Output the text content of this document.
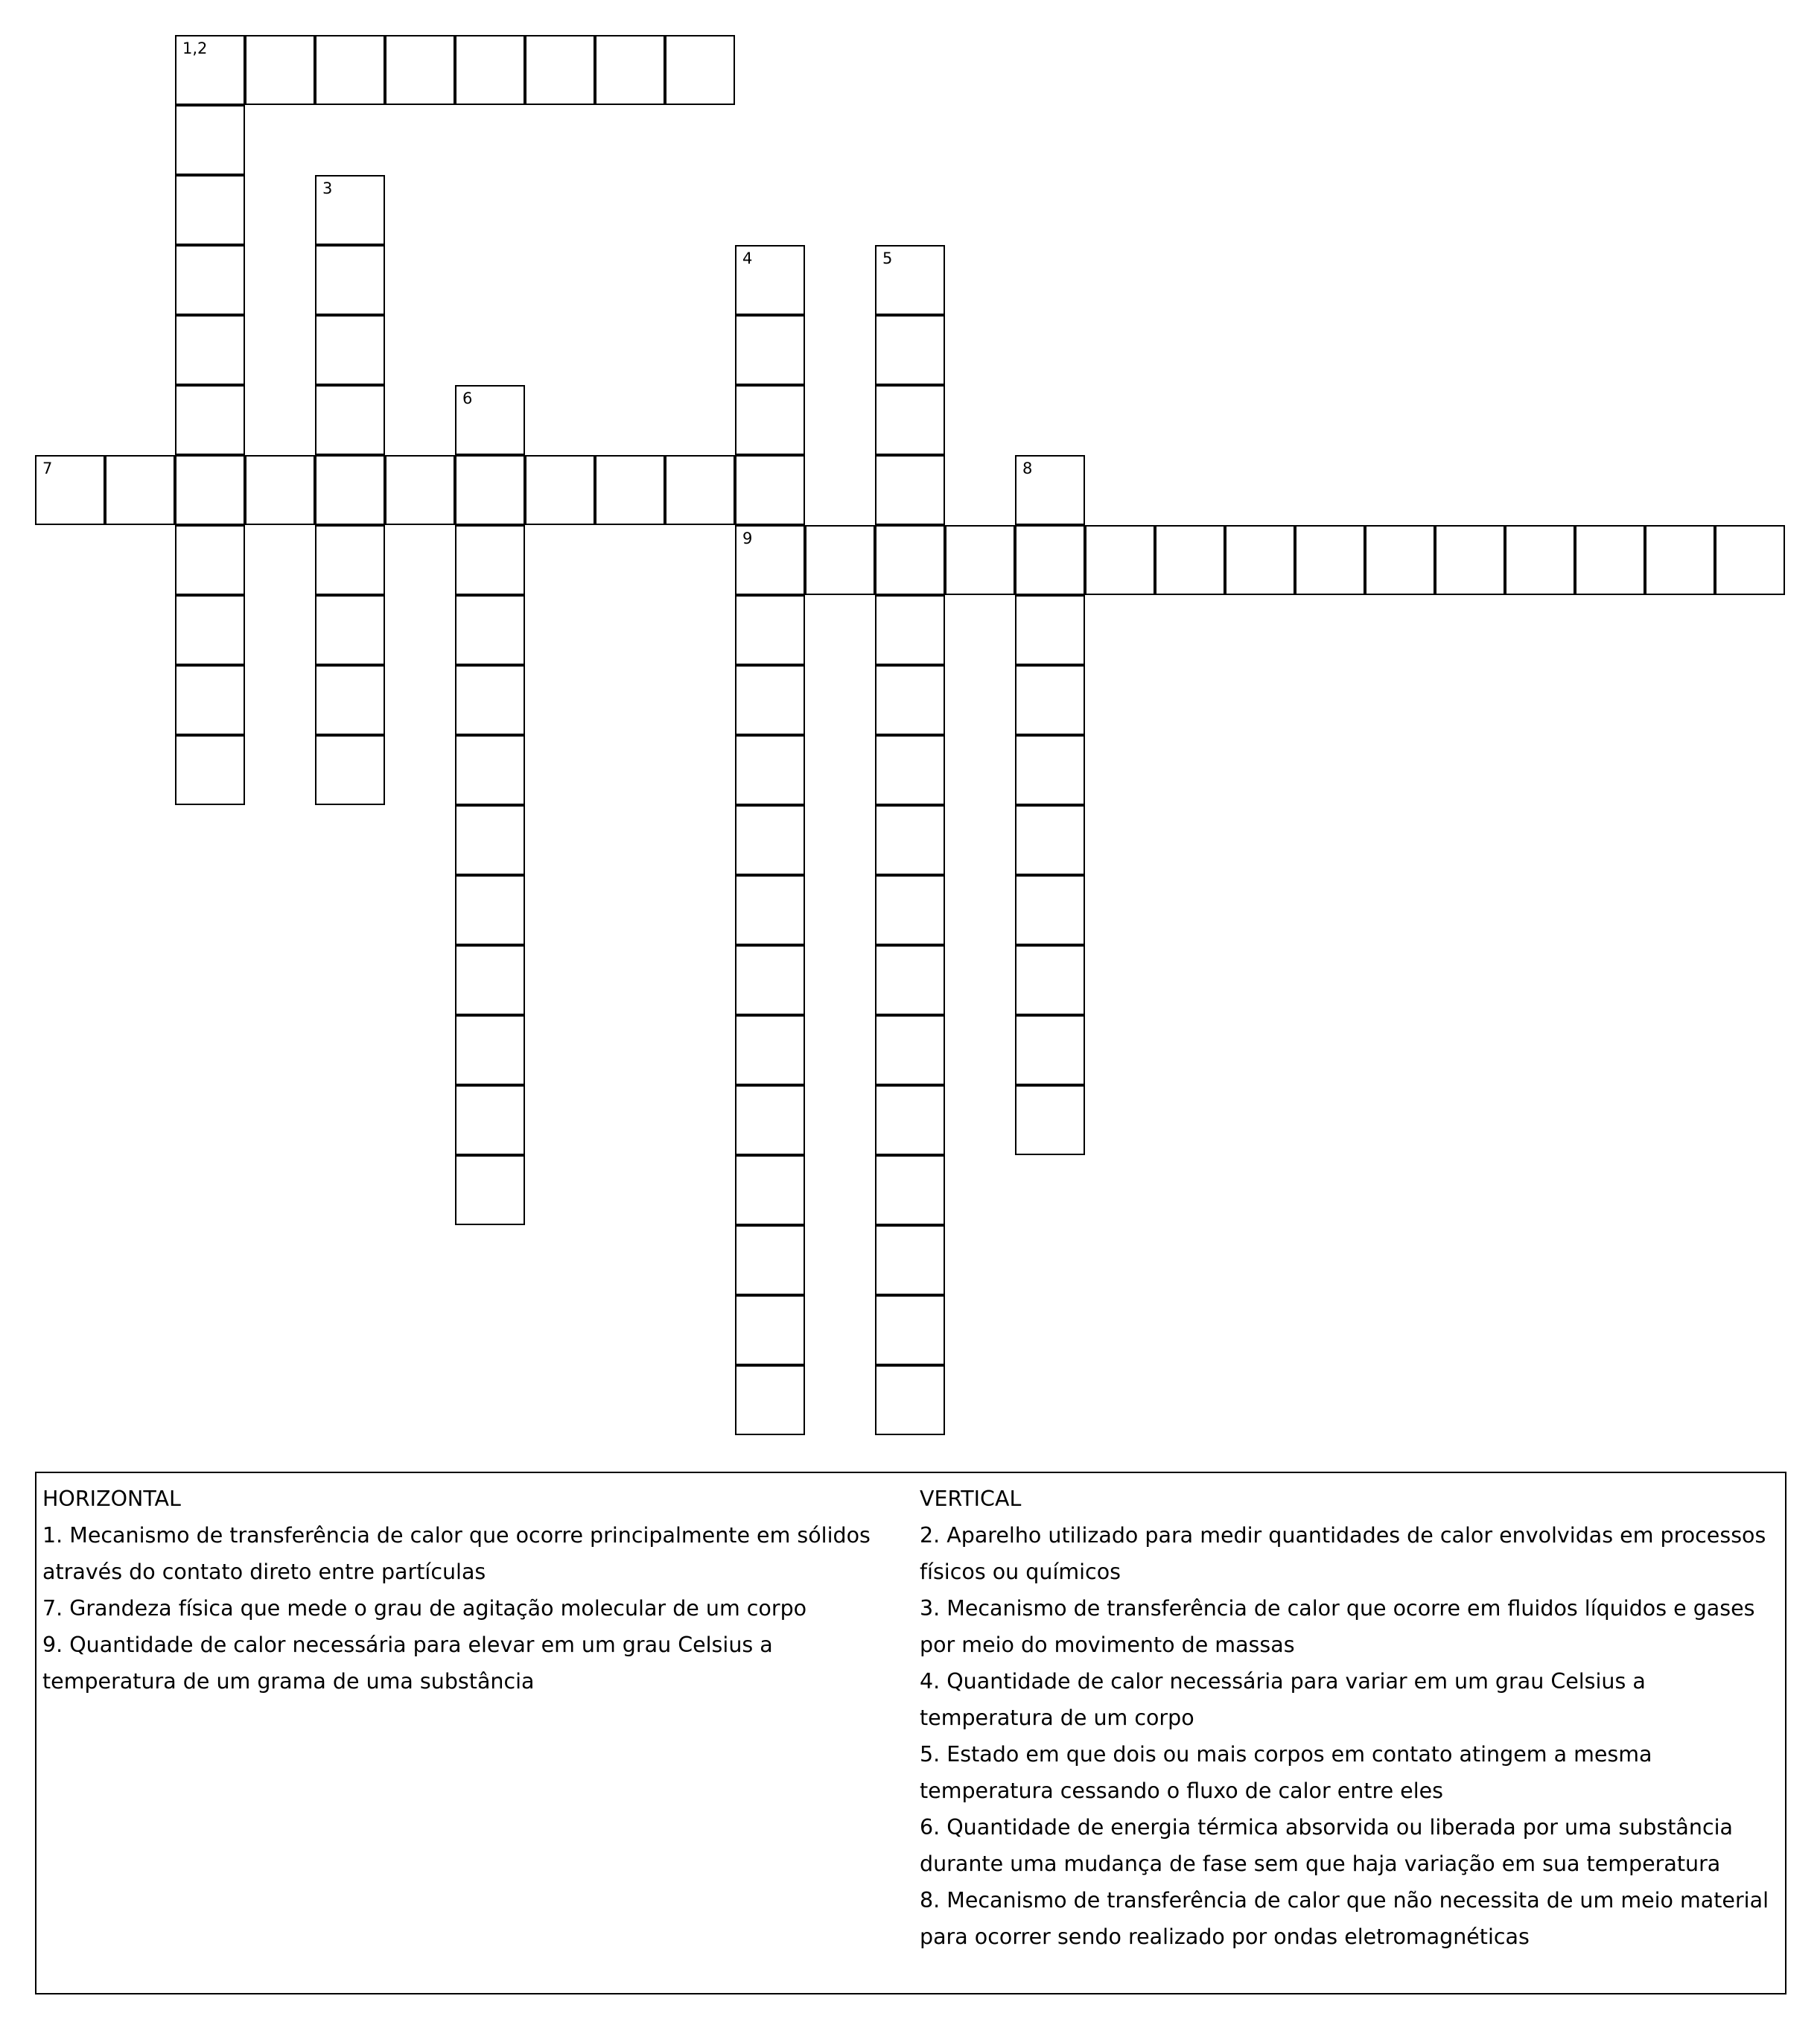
1,2
3
4
9
5
6
7	8
HORIZONTAL
1. Mecanismo de transferência de calor que ocorre principalmente em sólidos através do contato direto entre partículas
7. Grandeza física que mede o grau de agitação molecular de um corpo
9. Quantidade de calor necessária para elevar em um grau Celsius a temperatura de um grama de uma substância
VERTICAL
2. Aparelho utilizado para medir quantidades de calor envolvidas em processos físicos ou químicos
3. Mecanismo de transferência de calor que ocorre em fluidos líquidos e gases por meio do movimento de massas
4. Quantidade de calor necessária para variar em um grau Celsius a temperatura de um corpo
5. Estado em que dois ou mais corpos em contato atingem a mesma temperatura cessando o fluxo de calor entre eles
6. Quantidade de energia térmica absorvida ou liberada por uma substância durante uma mudança de fase sem que haja variação em sua temperatura
8. Mecanismo de transferência de calor que não necessita de um meio material para ocorrer sendo realizado por ondas eletromagnéticas
